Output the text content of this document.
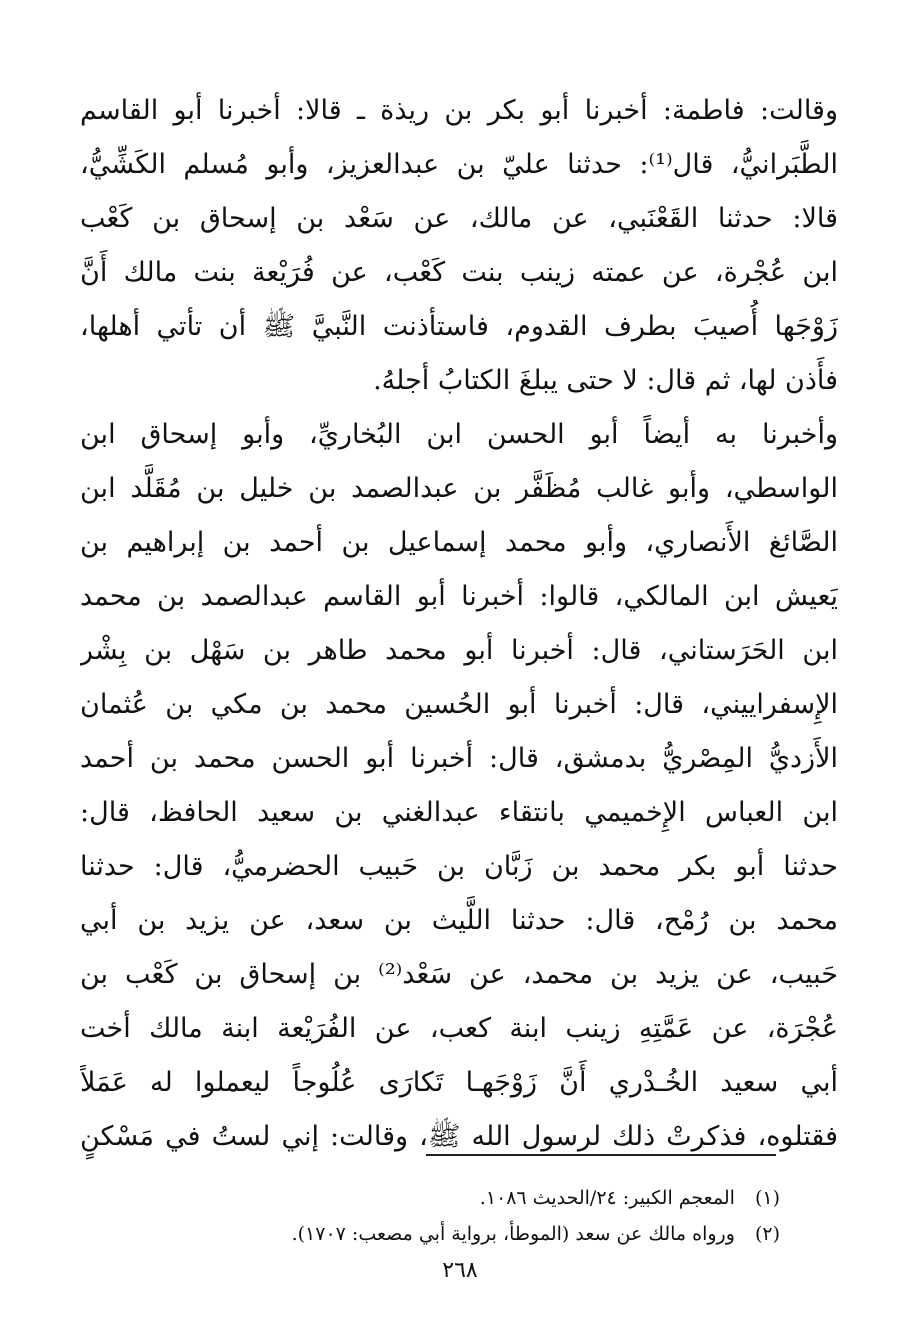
وقالت: فاطمة: أخبرنا أبو بكر بن ريذة ـ قالا: أخبرنا أبو القاسم
الطَّبَرانيُّ، قال⁽¹⁾: حدثنا عليّ بن عبدالعزيز، وأبو مُسلم الكَشِّيُّ،
قالا: حدثنا القَعْنَبي، عن مالك، عن سَعْد بن إسحاق بن كَعْب
ابن عُجْرة، عن عمته زينب بنت كَعْب، عن فُرَيْعة بنت مالك أَنَّ
زَوْجَها أُصيبَ بطرف القدوم، فاستأذنت النَّبيَّ ﷺ أن تأتي أهلها،
فأَذن لها، ثم قال: لا حتى يبلغَ الكتابُ أجلهُ.
وأخبرنا به أيضاً أبو الحسن ابن البُخاريِّ، وأبو إسحاق ابن
الواسطي، وأبو غالب مُظَفَّر بن عبدالصمد بن خليل بن مُقَلَّد ابن
الصَّائغ الأَنصاري، وأبو محمد إسماعيل بن أحمد بن إبراهيم بن
يَعيش ابن المالكي، قالوا: أخبرنا أبو القاسم عبدالصمد بن محمد
ابن الحَرَستاني، قال: أخبرنا أبو محمد طاهر بن سَهْل بن بِشْر
الإِسفراييني، قال: أخبرنا أبو الحُسين محمد بن مكي بن عُثمان
الأَزديُّ المِصْريُّ بدمشق، قال: أخبرنا أبو الحسن محمد بن أحمد
ابن العباس الإِخميمي بانتقاء عبدالغني بن سعيد الحافظ، قال:
حدثنا أبو بكر محمد بن زَبَّان بن حَبيب الحضرميُّ، قال: حدثنا
محمد بن رُمْح، قال: حدثنا اللَّيث بن سعد، عن يزيد بن أبي
حَبيب، عن يزيد بن محمد، عن سَعْد⁽²⁾ بن إسحاق بن كَعْب بن
عُجْرَة، عن عَمَّتِهِ زينب ابنة كعب، عن الفُرَيْعة ابنة مالك أخت
أبي سعيد الخُـدْري أَنَّ زَوْجَهـا تَكارَى عُلُوجاً ليعملوا له عَمَلاً
فقتلوه، فذكرتْ ذلك لرسول الله ﷺ، وقالت: إني لستُ في مَسْكنٍ
(١) المعجم الكبير: ٢٤/الحديث ١٠٨٦.
(٢) ورواه مالك عن سعد (الموطأ، برواية أبي مصعب: ١٧٠٧).
٢٦٨
